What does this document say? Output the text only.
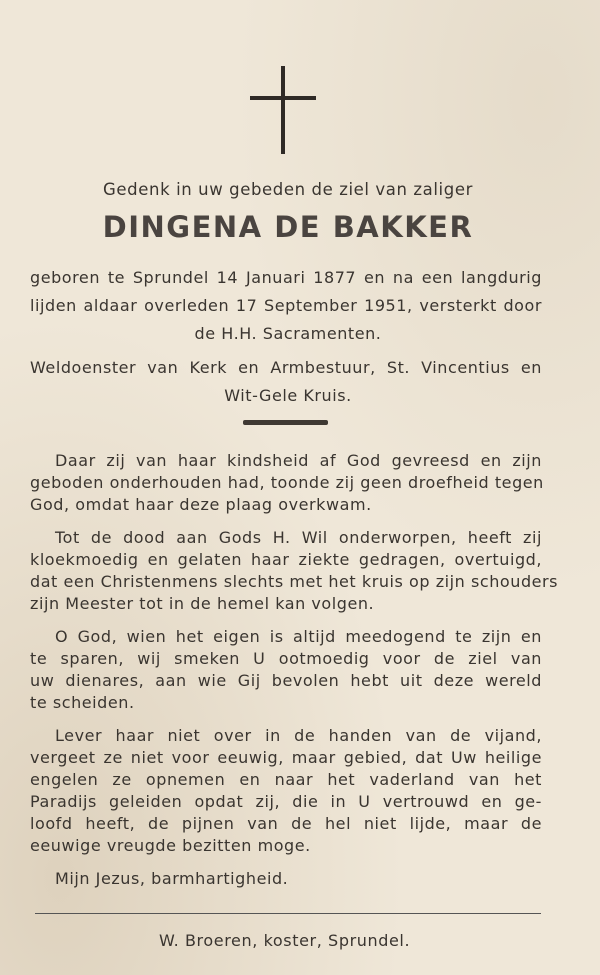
Gedenk in uw gebeden de ziel van zaliger
DINGENA DE BAKKER
geboren te Sprundel 14 Januari 1877 en na een langdurig
lijden aldaar overleden 17 September 1951, versterkt door
de H.H. Sacramenten.
Weldoenster van Kerk en Armbestuur, St. Vincentius en
Wit-Gele Kruis.
Daar zij van haar kindsheid af God gevreesd en zijn
geboden onderhouden had, toonde zij geen droefheid tegen
God, omdat haar deze plaag overkwam.
Tot de dood aan Gods H. Wil onderworpen, heeft zij
kloekmoedig en gelaten haar ziekte gedragen, overtuigd,
dat een Christenmens slechts met het kruis op zijn schouders
zijn Meester tot in de hemel kan volgen.
O God, wien het eigen is altijd meedogend te zijn en
te sparen, wij smeken U ootmoedig voor de ziel van
uw dienares, aan wie Gij bevolen hebt uit deze wereld
te scheiden.
Lever haar niet over in de handen van de vijand,
vergeet ze niet voor eeuwig, maar gebied, dat Uw heilige
engelen ze opnemen en naar het vaderland van het
Paradijs geleiden opdat zij, die in U vertrouwd en ge-
loofd heeft, de pijnen van de hel niet lijde, maar de
eeuwige vreugde bezitten moge.
Mijn Jezus, barmhartigheid.
W. Broeren, koster, Sprundel.
